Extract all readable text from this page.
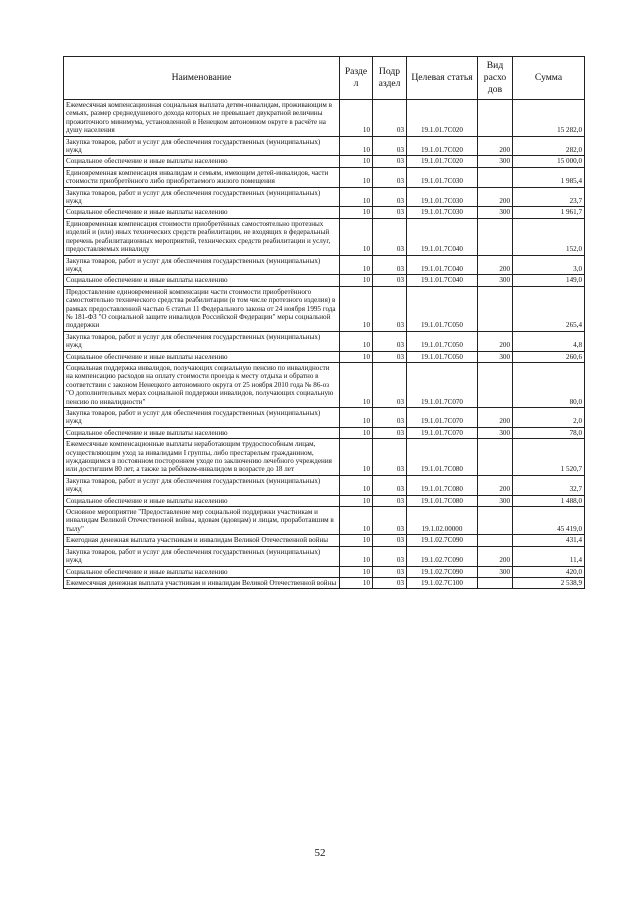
Наименование	Разде л	Подр аздел	Целевая статья	Вид расхо дов	Сумма
Ежемесячная компенсационная социальная выплата детям-инвалидам, проживающим в семьях, размер среднедушевого дохода которых не превышает двукратной величины прожиточного минимума, установленной в Ненецком автономном округе в расчёте на душу населения	10	03	19.1.01.7С020		15 282,0
Закупка товаров, работ и услуг для обеспечения государственных (муниципальных) нужд	10	03	19.1.01.7С020	200	282,0
Социальное обеспечение и иные выплаты населению	10	03	19.1.01.7С020	300	15 000,0
Единовременная компенсация инвалидам и семьям, имеющим детей-инвалидов, части стоимости приобретённого либо приобретаемого жилого помещения	10	03	19.1.01.7С030		1 985,4
Закупка товаров, работ и услуг для обеспечения государственных (муниципальных) нужд	10	03	19.1.01.7С030	200	23,7
Социальное обеспечение и иные выплаты населению	10	03	19.1.01.7С030	300	1 961,7
Единовременная компенсация стоимости приобретённых самостоятельно протезных изделий и (или) иных технических средств реабилитации, не входящих в федеральный перечень реабилитационных мероприятий, технических средств реабилитации и услуг, предоставляемых инвалиду	10	03	19.1.01.7С040		152,0
Закупка товаров, работ и услуг для обеспечения государственных (муниципальных) нужд	10	03	19.1.01.7С040	200	3,0
Социальное обеспечение и иные выплаты населению	10	03	19.1.01.7С040	300	149,0
Предоставление единовременной компенсации части стоимости приобретённого самостоятельно технического средства реабилитации (в том числе протезного изделия) в рамках предоставленной частью 6 статьи 11 Федерального закона от 24 ноября 1995 года № 181-ФЗ "О социальной защите инвалидов Российской Федерации" меры социальной поддержки	10	03	19.1.01.7С050		265,4
Закупка товаров, работ и услуг для обеспечения государственных (муниципальных) нужд	10	03	19.1.01.7С050	200	4,8
Социальное обеспечение и иные выплаты населению	10	03	19.1.01.7С050	300	260,6
Социальная поддержка инвалидов, получающих социальную пенсию по инвалидности на компенсацию расходов на оплату стоимости проезда к месту отдыха и обратно в соответствии с законом Ненецкого автономного округа от 25 ноября 2010 года № 86-оз "О дополнительных мерах социальной поддержки инвалидов, получающих социальную пенсию по инвалидности"	10	03	19.1.01.7С070		80,0
Закупка товаров, работ и услуг для обеспечения государственных (муниципальных) нужд	10	03	19.1.01.7С070	200	2,0
Социальное обеспечение и иные выплаты населению	10	03	19.1.01.7С070	300	78,0
Ежемесячные компенсационные выплаты неработающим трудоспособным лицам, осуществляющим уход за инвалидами I группы, либо престарелым гражданином, нуждающимся в постоянном постороннем уходе по заключению лечебного учреждения или достигшим 80 лет, а также за ребёнком-инвалидом в возрасте до 18 лет	10	03	19.1.01.7С080		1 520,7
Закупка товаров, работ и услуг для обеспечения государственных (муниципальных) нужд	10	03	19.1.01.7С080	200	32,7
Социальное обеспечение и иные выплаты населению	10	03	19.1.01.7С080	300	1 488,0
Основное мероприятие "Предоставление мер социальной поддержки участникам и инвалидам Великой Отечественной войны, вдовам (вдовцам) и лицам, проработавшим в тылу"	10	03	19.1.02.00000		45 419,0
Ежегодная денежная выплата участникам и инвалидам Великой Отечественной войны	10	03	19.1.02.7С090		431,4
Закупка товаров, работ и услуг для обеспечения государственных (муниципальных) нужд	10	03	19.1.02.7С090	200	11,4
Социальное обеспечение и иные выплаты населению	10	03	19.1.02.7С090	300	420,0
Ежемесячная денежная выплата участникам и инвалидам Великой Отечественной войны	10	03	19.1.02.7С100		2 538,9
52
